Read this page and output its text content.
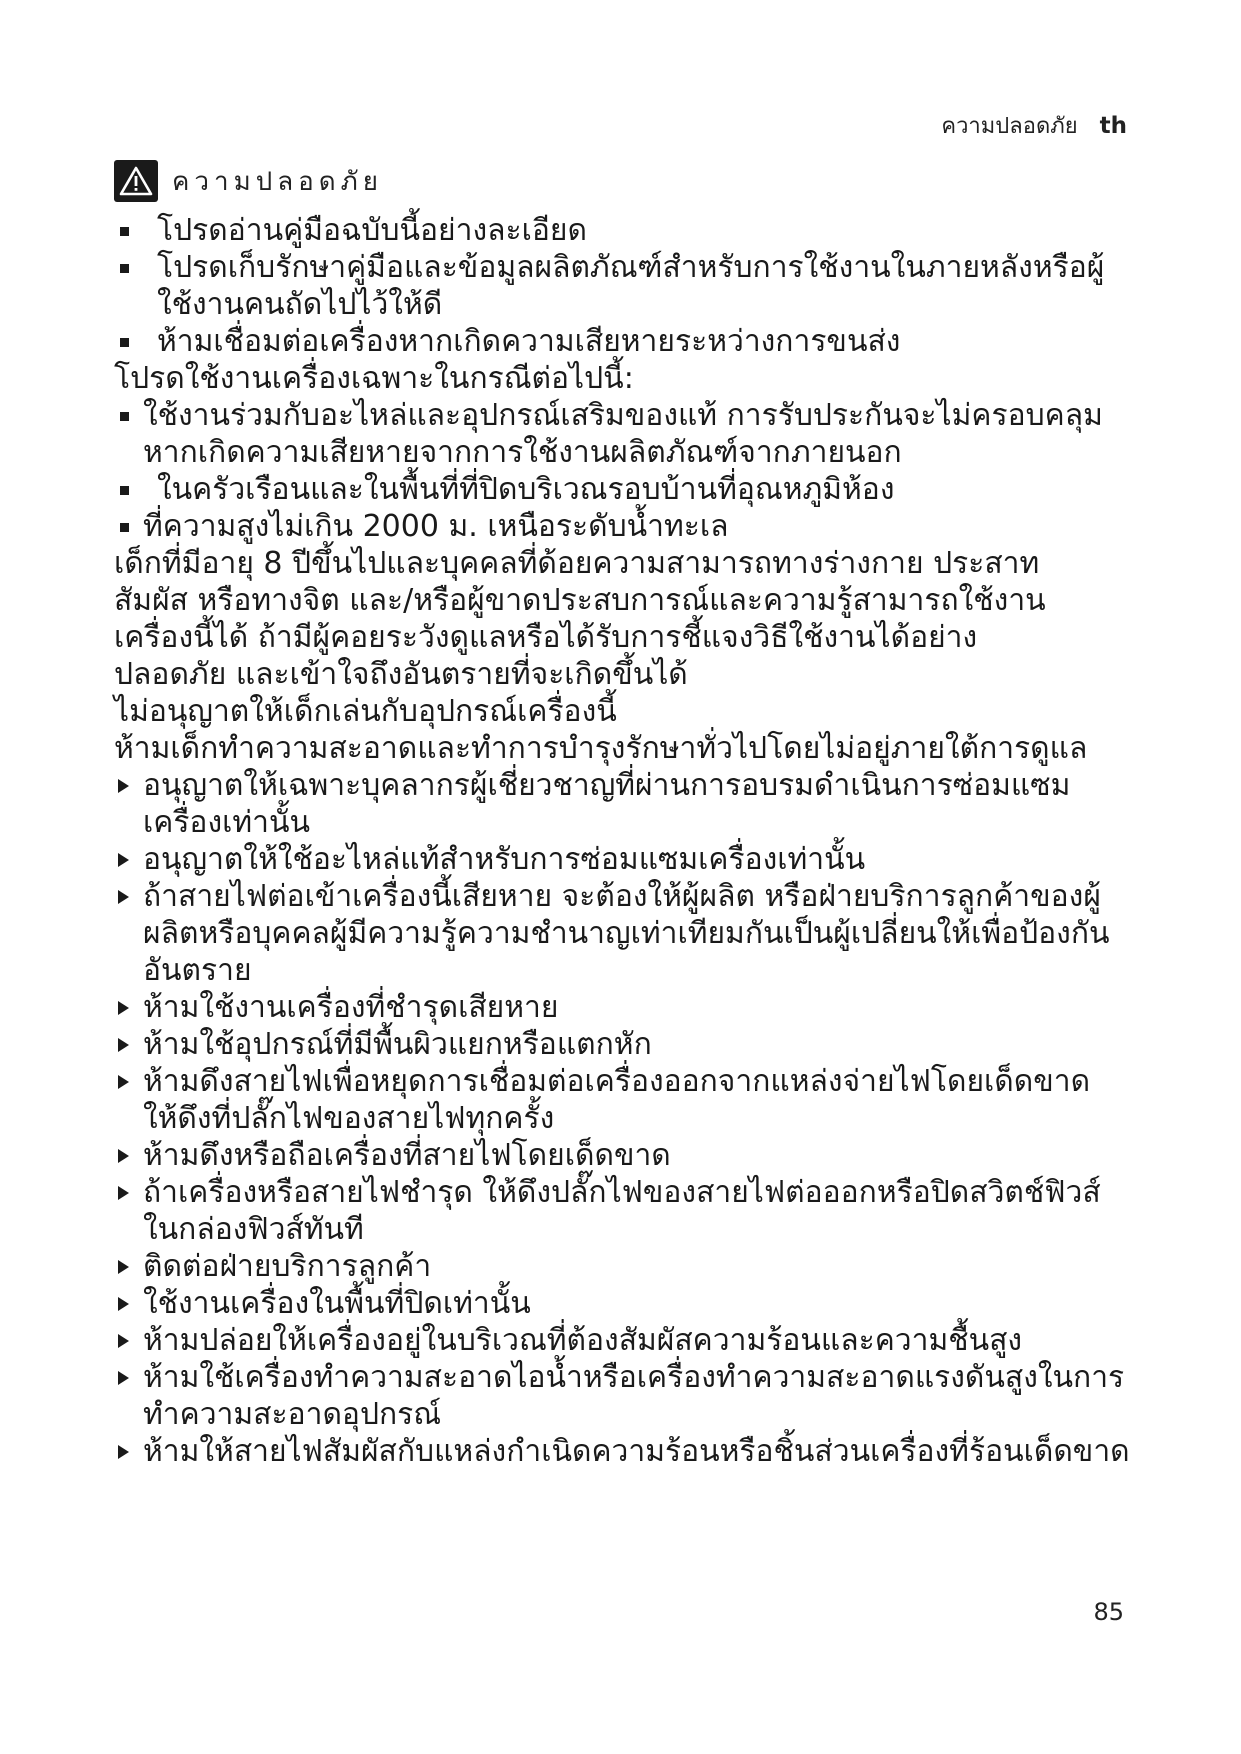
ความปลอดภัย th
ความปลอดภัย
โปรดอ่านคู่มือฉบับนี้อย่างละเอียด
โปรดเก็บรักษาคู่มือและข้อมูลผลิตภัณฑ์สำหรับการใช้งานในภายหลังหรือผู้ใช้งานคนถัดไปไว้ให้ดี
ห้ามเชื่อมต่อเครื่องหากเกิดความเสียหายระหว่างการขนส่ง

โปรดใช้งานเครื่องเฉพาะในกรณีต่อไปนี้:

ใช้งานร่วมกับอะไหล่และอุปกรณ์เสริมของแท้ การรับประกันจะไม่ครอบคลุมหากเกิดความเสียหายจากการใช้งานผลิตภัณฑ์จากภายนอก
ในครัวเรือนและในพื้นที่ที่ปิดบริเวณรอบบ้านที่อุณหภูมิห้อง
ที่ความสูงไม่เกิน 2000 ม. เหนือระดับน้ำทะเล

เด็กที่มีอายุ 8 ปีขึ้นไปและบุคคลที่ด้อยความสามารถทางร่างกาย ประสาท

สัมผัส หรือทางจิต และ/หรือผู้ขาดประสบการณ์และความรู้สามารถใช้งาน

เครื่องนี้ได้ ถ้ามีผู้คอยระวังดูแลหรือได้รับการชี้แจงวิธีใช้งานได้อย่าง

ปลอดภัย และเข้าใจถึงอันตรายที่จะเกิดขึ้นได้

ไม่อนุญาตให้เด็กเล่นกับอุปกรณ์เครื่องนี้

ห้ามเด็กทำความสะอาดและทำการบำรุงรักษาทั่วไปโดยไม่อยู่ภายใต้การดูแล

อนุญาตให้เฉพาะบุคลากรผู้เชี่ยวชาญที่ผ่านการอบรมดำเนินการซ่อมแซมเครื่องเท่านั้น
อนุญาตให้ใช้อะไหล่แท้สำหรับการซ่อมแซมเครื่องเท่านั้น
ถ้าสายไฟต่อเข้าเครื่องนี้เสียหาย จะต้องให้ผู้ผลิต หรือฝ่ายบริการลูกค้าของผู้ผลิตหรือบุคคลผู้มีความรู้ความชำนาญเท่าเทียมกันเป็นผู้เปลี่ยนให้เพื่อป้องกันอันตราย
ห้ามใช้งานเครื่องที่ชำรุดเสียหาย
ห้ามใช้อุปกรณ์ที่มีพื้นผิวแยกหรือแตกหัก
ห้ามดึงสายไฟเพื่อหยุดการเชื่อมต่อเครื่องออกจากแหล่งจ่ายไฟโดยเด็ดขาด ให้ดึงที่ปลั๊กไฟของสายไฟทุกครั้ง
ห้ามดึงหรือถือเครื่องที่สายไฟโดยเด็ดขาด
ถ้าเครื่องหรือสายไฟชำรุด ให้ดึงปลั๊กไฟของสายไฟต่อออกหรือปิดสวิตช์ฟิวส์ในกล่องฟิวส์ทันที
ติดต่อฝ่ายบริการลูกค้า
ใช้งานเครื่องในพื้นที่ปิดเท่านั้น
ห้ามปล่อยให้เครื่องอยู่ในบริเวณที่ต้องสัมผัสความร้อนและความชื้นสูง
ห้ามใช้เครื่องทำความสะอาดไอน้ำหรือเครื่องทำความสะอาดแรงดันสูงในการทำความสะอาดอุปกรณ์
ห้ามให้สายไฟสัมผัสกับแหล่งกำเนิดความร้อนหรือชิ้นส่วนเครื่องที่ร้อนเด็ดขาด
85
